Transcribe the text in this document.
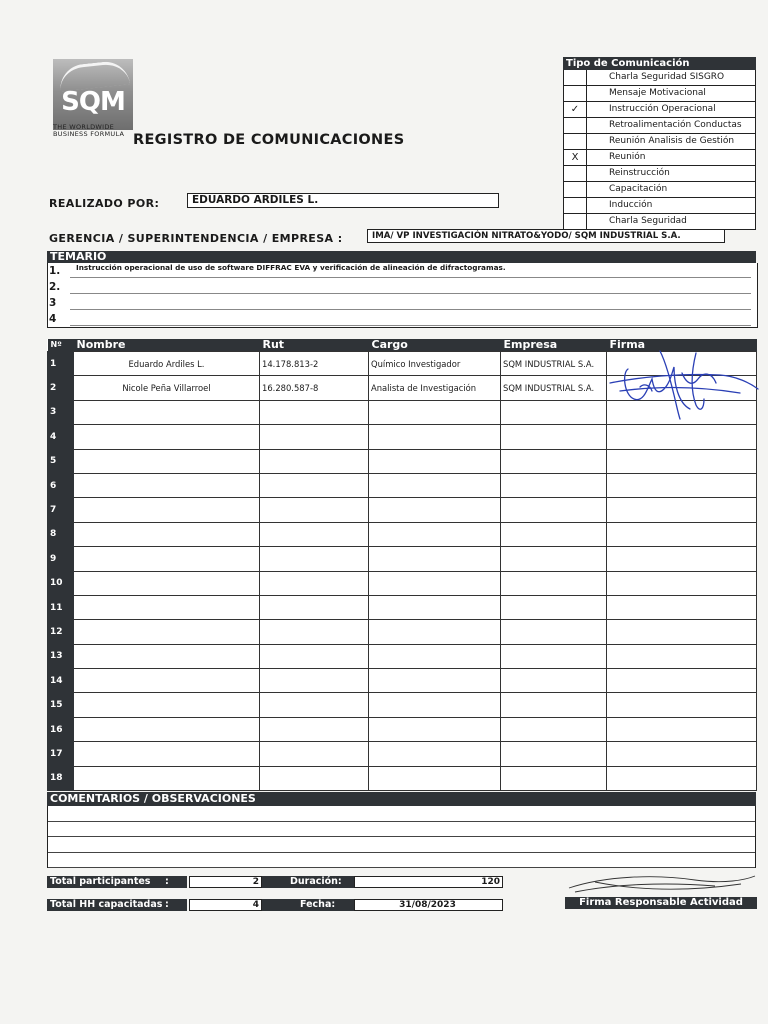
SQM
THE WORLDWIDE
BUSINESS FORMULA REGISTRO DE COMUNICACIONES
REALIZADO POR:	EDUARDO ARDILES L.
GERENCIA / SUPERINTENDENCIA / EMPRESA :	IMA/ VP INVESTIGACIÓN NITRATO&YODO/ SQM INDUSTRIAL S.A.
Tipo de Comunicación
Charla Seguridad SISGRO
Mensaje Motivacional
✓	Instrucción Operacional
Retroalimentación Conductas
Reunión Analisis de Gestión
X	Reunión
Reinstrucción
Capacitación
Inducción
Charla Seguridad
TEMARIO
1.	Instrucción operacional de uso de software DIFFRAC EVA y verificación de alineación de difractogramas.
2.
3
4
Nº	Nombre	Rut	Cargo	Empresa	Firma
1	Eduardo Ardiles L.	14.178.813-2	Químico Investigador	SQM INDUSTRIAL S.A.	
2	Nicole Peña Villarroel	16.280.587-8	Analista de Investigación	SQM INDUSTRIAL S.A.	
3					
4					
5					
6					
7					
8					
9					
10					
11					
12					
13					
14					
15					
16					
17					
18					
COMENTARIOS / OBSERVACIONES
Total participantes :	2	Duración:	120
Total HH capacitadas :	4	Fecha:	31/08/2023	Firma Responsable Actividad
